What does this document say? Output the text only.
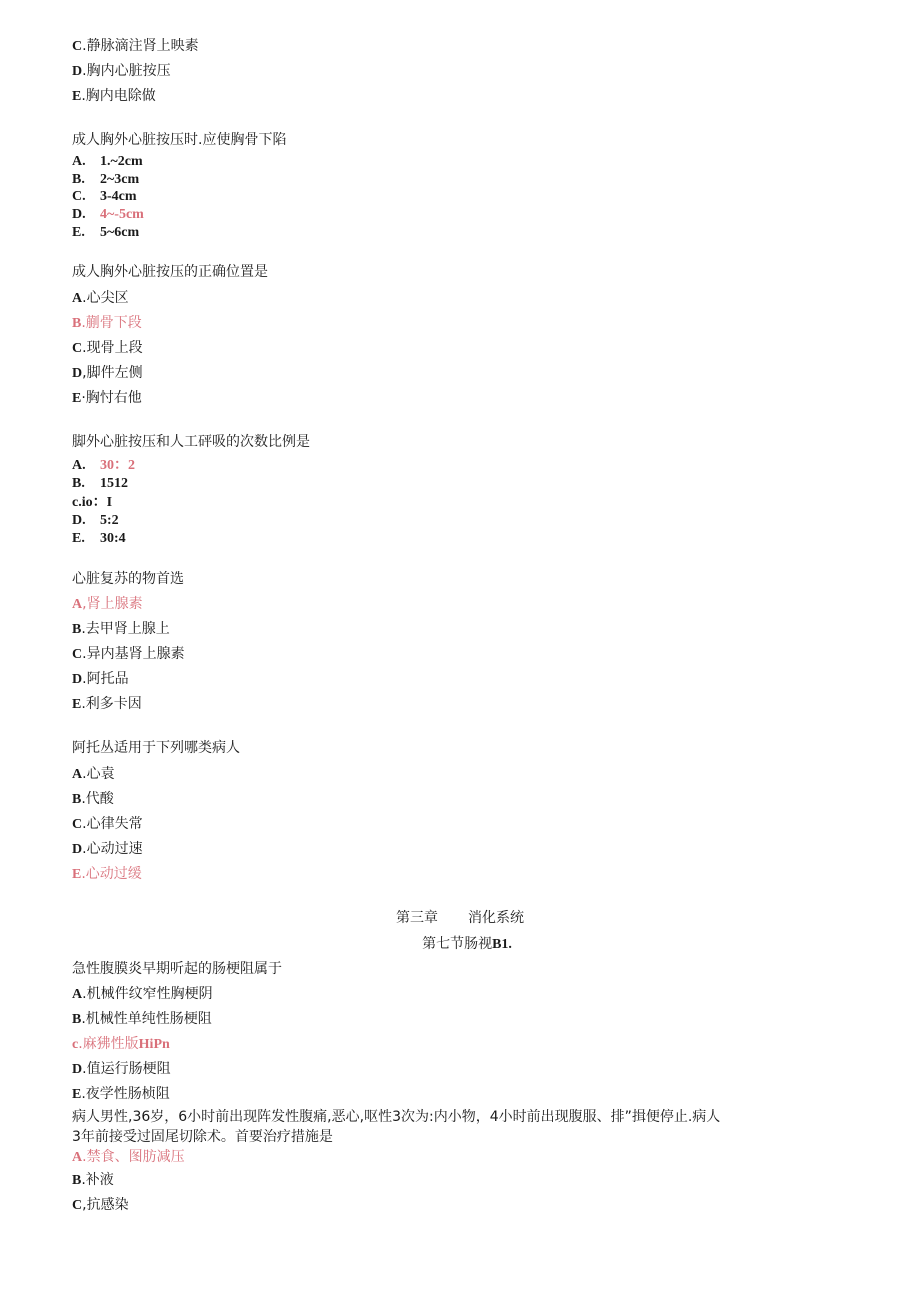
C.静脉滴注肾上映素
D.胸内心脏按压
E.胸内电除做
成人胸外心脏按压时.应使胸骨下陷
A. 1.~2cm
B. 2~3cm
C. 3-4cm
D. 4~-5cm
E. 5~6cm
成人胸外心脏按压的正确位置是
A.心尖区
B.蒯骨下段
C.现骨上段
D,脚件左侧
E·胸忖右他
脚外心脏按压和人工砰吸的次数比例是
A. 30：2
B. 1512
c.io：I
D. 5:2
E. 30:4
心脏复苏的物首选
A,肾上腺素
B.去甲肾上腺上
C.异内基肾上腺素
D.阿托品
E.利多卡因
阿托丛适用于下列哪类病人
A.心袁
B.代酸
C.心律失常
D.心动过速
E.心动过缓
第三章 消化系统
第七节肠视B1.
急性腹膜炎早期听起的肠梗阻属于
A.机械件纹窄性胸梗阴
B.机械性单纯性肠梗阻
c.麻狒性版HiPn
D.值运行肠梗阻
E.夜学性肠桢阻
病人男性,36岁，6小时前出现阵发性腹痛,恶心,呕性3次为:内小物，4小时前出现腹服、排”揖便停止.病人
3年前接受过固尾切除术。首要治疗措施是
A.禁食、图肪减压
B.补液
C,抗感染
